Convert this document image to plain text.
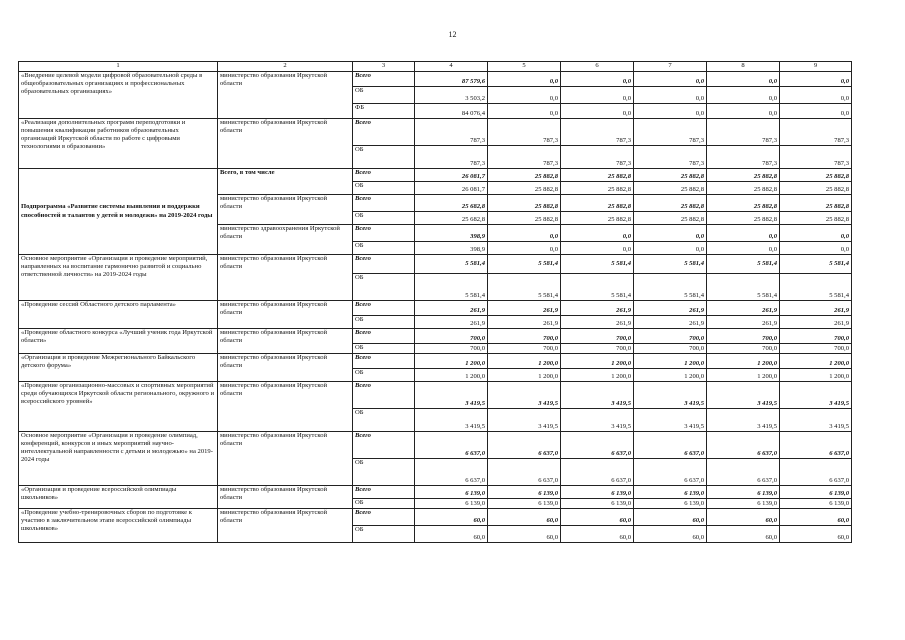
12
1	2	3	4	5	6	7	8	9
«Внедрение целевой модели цифровой образовательной среды в общеобразовательных организациях и профессиональных образовательных организациях»	министерство образования Иркутской области	Всего	87 579,6	0,0	0,0	0,0	0,0	0,0
		ОБ	3 503,2	0,0	0,0	0,0	0,0	0,0
		ФБ	84 076,4	0,0	0,0	0,0	0,0	0,0
«Реализация дополнительных программ переподготовки и повышения квалификации работников образовательных организаций Иркутской области по работе с цифровыми технологиями в образовании»	министерство образования Иркутской области	Всего	787,3	787,3	787,3	787,3	787,3	787,3
		ОБ	787,3	787,3	787,3	787,3	787,3	787,3
Подпрограмма «Развитие системы выявления и поддержки способностей и талантов у детей и молодежи» на 2019-2024 годы	Всего, в том числе	Всего	26 081,7	25 882,8	25 882,8	25 882,8	25 882,8	25 882,8
		ОБ	26 081,7	25 882,8	25 882,8	25 882,8	25 882,8	25 882,8
	министерство образования Иркутской области	Всего	25 682,8	25 882,8	25 882,8	25 882,8	25 882,8	25 882,8
		ОБ	25 682,8	25 882,8	25 882,8	25 882,8	25 882,8	25 882,8
	министерство здравоохранения Иркутской области	Всего	398,9	0,0	0,0	0,0	0,0	0,0
		ОБ	398,9	0,0	0,0	0,0	0,0	0,0
Основное мероприятие «Организация и проведение мероприятий, направленных на воспитание гармонично развитой и социально ответственной личности» на 2019-2024 годы	министерство образования Иркутской области	Всего	5 581,4	5 581,4	5 581,4	5 581,4	5 581,4	5 581,4
		ОБ	5 581,4	5 581,4	5 581,4	5 581,4	5 581,4	5 581,4
«Проведение сессий Областного детского парламента»	министерство образования Иркутской области	Всего	261,9	261,9	261,9	261,9	261,9	261,9
		ОБ	261,9	261,9	261,9	261,9	261,9	261,9
«Проведение областного конкурса «Лучший ученик года Иркутской области»	министерство образования Иркутской области	Всего	700,0	700,0	700,0	700,0	700,0	700,0
		ОБ	700,0	700,0	700,0	700,0	700,0	700,0
«Организация и проведение Межрегионального Байкальского детского форума»	министерство образования Иркутской области	Всего	1 200,0	1 200,0	1 200,0	1 200,0	1 200,0	1 200,0
		ОБ	1 200,0	1 200,0	1 200,0	1 200,0	1 200,0	1 200,0
«Проведение организационно-массовых и спортивных мероприятий среди обучающихся Иркутской области регионального, окружного и всероссийского уровней»	министерство образования Иркутской области	Всего	3 419,5	3 419,5	3 419,5	3 419,5	3 419,5	3 419,5
		ОБ	3 419,5	3 419,5	3 419,5	3 419,5	3 419,5	3 419,5
Основное мероприятие «Организация и проведение олимпиад, конференций, конкурсов и иных мероприятий научно-интеллектуальной направленности с детьми и молодежью» на 2019-2024 годы	министерство образования Иркутской области	Всего	6 637,0	6 637,0	6 637,0	6 637,0	6 637,0	6 637,0
		ОБ	6 637,0	6 637,0	6 637,0	6 637,0	6 637,0	6 637,0
«Организация и проведение всероссийской олимпиады школьников»	министерство образования Иркутской области	Всего	6 139,0	6 139,0	6 139,0	6 139,0	6 139,0	6 139,0
		ОБ	6 139,0	6 139,0	6 139,0	6 139,0	6 139,0	6 139,0
«Проведение учебно-тренировочных сборов по подготовке к участию в заключительном этапе всероссийской олимпиады школьников»	министерство образования Иркутской области	Всего	60,0	60,0	60,0	60,0	60,0	60,0
		ОБ	60,0	60,0	60,0	60,0	60,0	60,0
